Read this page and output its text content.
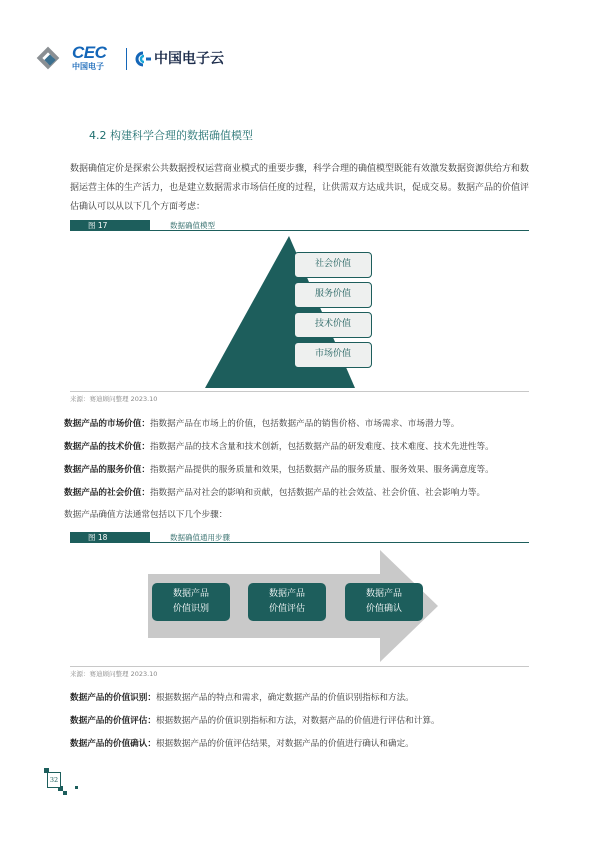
CEC
中国电子	中国电子云
4.2 构建科学合理的数据确值模型
数据确值定价是探索公共数据授权运营商业模式的重要步骤，科学合理的确值模型既能有效激发数据资源供给方和数
据运营主体的生产活力，也是建立数据需求市场信任度的过程，让供需双方达成共识，促成交易。数据产品的价值评
估确认可以从以下几个方面考虑：
图 17	数据确值模型
社会价值
服务价值
技术价值
市场价值
来源：赛迪顾问整理 2023.10
数据产品的市场价值：指数据产品在市场上的价值，包括数据产品的销售价格、市场需求、市场潜力等。
数据产品的技术价值：指数据产品的技术含量和技术创新，包括数据产品的研发难度、技术难度、技术先进性等。
数据产品的服务价值：指数据产品提供的服务质量和效果，包括数据产品的服务质量、服务效果、服务满意度等。
数据产品的社会价值：指数据产品对社会的影响和贡献，包括数据产品的社会效益、社会价值、社会影响力等。
数据产品确值方法通常包括以下几个步骤：
图 18	数据确值通用步骤
数据产品
价值识别
数据产品
价值评估
数据产品
价值确认
来源：赛迪顾问整理 2023.10
数据产品的价值识别：根据数据产品的特点和需求，确定数据产品的价值识别指标和方法。
数据产品的价值评估：根据数据产品的价值识别指标和方法，对数据产品的价值进行评估和计算。
数据产品的价值确认：根据数据产品的价值评估结果，对数据产品的价值进行确认和确定。
32
